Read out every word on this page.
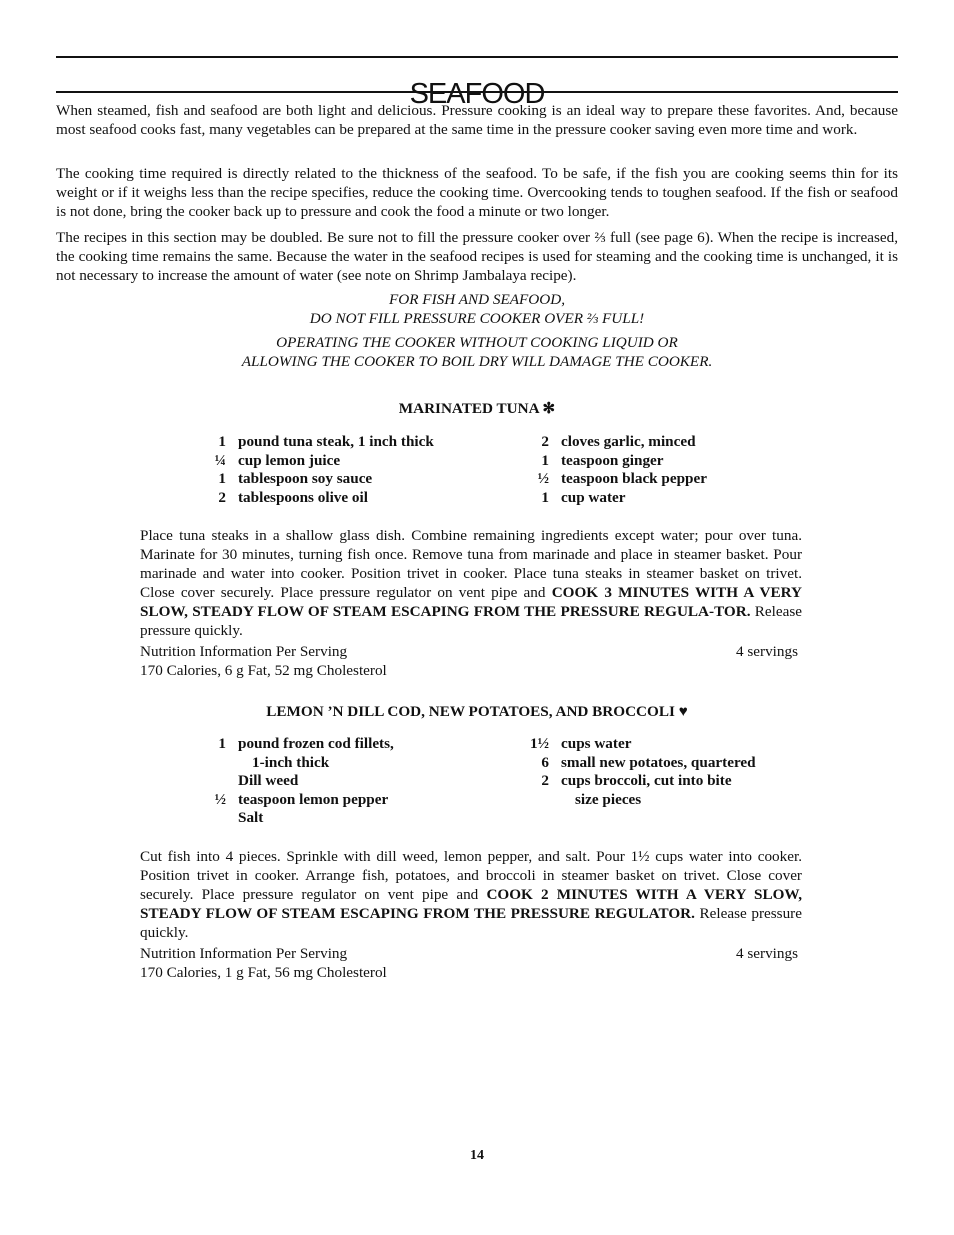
SEAFOOD

When steamed, fish and seafood are both light and delicious. Pressure cooking is an ideal way to prepare these favorites. And, because most seafood cooks fast, many vegetables can be prepared at the same time in the pressure cooker saving even more time and work.

The cooking time required is directly related to the thickness of the seafood. To be safe, if the fish you are cooking seems thin for its weight or if it weighs less than the recipe specifies, reduce the cooking time. Overcooking tends to toughen seafood. If the fish or seafood is not done, bring the cooker back up to pressure and cook the food a minute or two longer.

The recipes in this section may be doubled. Be sure not to fill the pressure cooker over ⅔ full (see page 6). When the recipe is increased, the cooking time remains the same. Because the water in the seafood recipes is used for steaming and the cooking time is unchanged, it is not necessary to increase the amount of water (see note on Shrimp Jambalaya recipe).

FOR FISH AND SEAFOOD,
DO NOT FILL PRESSURE COOKER OVER ⅔ FULL!

OPERATING THE COOKER WITHOUT COOKING LIQUID OR
ALLOWING THE COOKER TO BOIL DRY WILL DAMAGE THE COOKER.

MARINATED TUNA ✻
1 pound tuna steak, 1 inch thick
¼ cup lemon juice
1 tablespoon soy sauce
2 tablespoons olive oil
2 cloves garlic, minced
1 teaspoon ginger
½ teaspoon black pepper
1 cup water

Place tuna steaks in a shallow glass dish. Combine remaining ingredients except water; pour over tuna. Marinate for 30 minutes, turning fish once. Remove tuna from marinade and place in steamer basket. Pour marinade and water into cooker. Position trivet in cooker. Place tuna steaks in steamer basket on trivet. Close cover securely. Place pressure regulator on vent pipe and COOK 3 MINUTES WITH A VERY SLOW, STEADY FLOW OF STEAM ESCAPING FROM THE PRESSURE REGULA-TOR. Release pressure quickly.

Nutrition Information Per Serving	4 servings
170 Calories, 6 g Fat, 52 mg Cholesterol
LEMON ’N DILL COD, NEW POTATOES, AND BROCCOLI ♥
1 pound frozen cod fillets,
1-inch thick
Dill weed
½ teaspoon lemon pepper
Salt
1½ cups water
6 small new potatoes, quartered
2 cups broccoli, cut into bite
size pieces

Cut fish into 4 pieces. Sprinkle with dill weed, lemon pepper, and salt. Pour 1½ cups water into cooker. Position trivet in cooker. Arrange fish, potatoes, and broccoli in steamer basket on trivet. Close cover securely. Place pressure regulator on vent pipe and COOK 2 MINUTES WITH A VERY SLOW, STEADY FLOW OF STEAM ESCAPING FROM THE PRESSURE REGULATOR. Release pressure quickly.

Nutrition Information Per Serving	4 servings
170 Calories, 1 g Fat, 56 mg Cholesterol
14
